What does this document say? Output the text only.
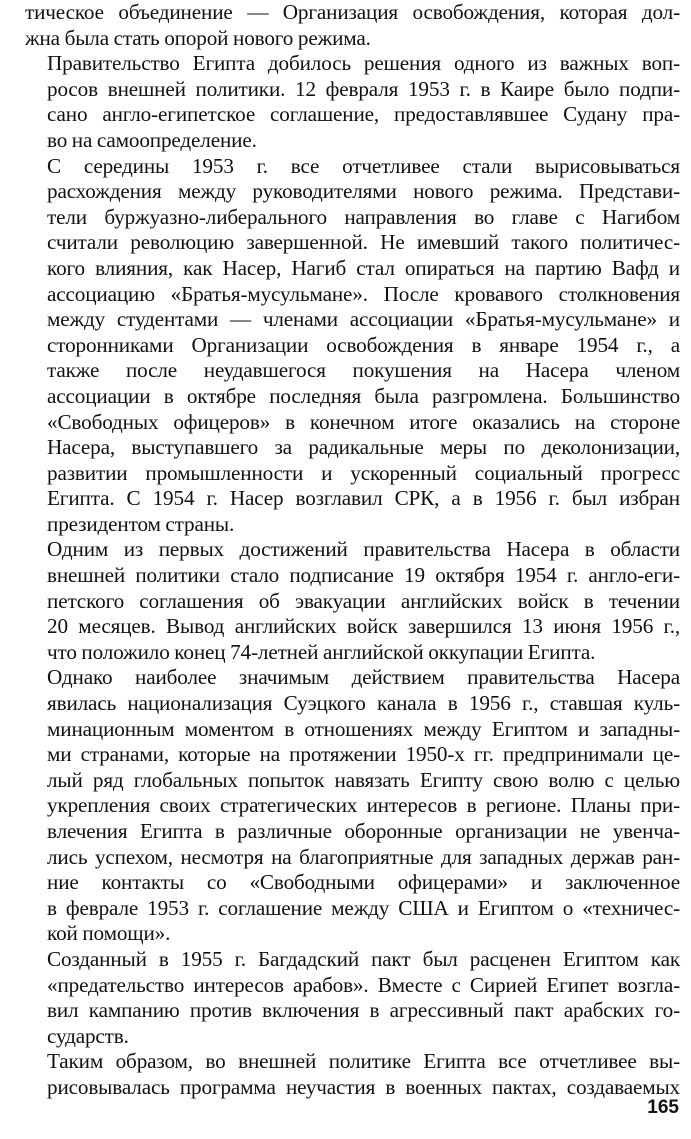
тическое объединение — Организация освобождения, которая дол-
жна была стать опорой нового режима.

Правительство Египта добилось решения одного из важных воп-
росов внешней политики. 12 февраля 1953 г. в Каире было подпи-
сано англо-египетское соглашение, предоставлявшее Судану пра-
во на самоопределение.

С середины 1953 г. все отчетливее стали вырисовываться
расхождения между руководителями нового режима. Представи-
тели буржуазно-либерального направления во главе с Нагибом
считали революцию завершенной. Не имевший такого политичес-
кого влияния, как Насер, Нагиб стал опираться на партию Вафд и
ассоциацию «Братья-мусульмане». После кровавого столкновения
между студентами — членами ассоциации «Братья-мусульмане» и
сторонниками Организации освобождения в январе 1954 г., а
также после неудавшегося покушения на Насера членом
ассоциации в октябре последняя была разгромлена. Большинство
«Свободных офицеров» в конечном итоге оказались на стороне
Насера, выступавшего за радикальные меры по деколонизации,
развитии промышленности и ускоренный социальный прогресс
Египта. С 1954 г. Насер возглавил СРК, а в 1956 г. был избран
президентом страны.

Одним из первых достижений правительства Насера в области
внешней политики стало подписание 19 октября 1954 г. англо-еги-
петского соглашения об эвакуации английских войск в течении
20 месяцев. Вывод английских войск завершился 13 июня 1956 г.,
что положило конец 74-летней английской оккупации Египта.

Однако наиболее значимым действием правительства Насера
явилась национализация Суэцкого канала в 1956 г., ставшая куль-
минационным моментом в отношениях между Египтом и западны-
ми странами, которые на протяжении 1950-х гг. предпринимали це-
лый ряд глобальных попыток навязать Египту свою волю с целью
укрепления своих стратегических интересов в регионе. Планы при-
влечения Египта в различные оборонные организации не увенча-
лись успехом, несмотря на благоприятные для западных держав ран-
ние контакты со «Свободными офицерами» и заключенное
в феврале 1953 г. соглашение между США и Египтом о «техничес-
кой помощи».

Созданный в 1955 г. Багдадский пакт был расценен Египтом как
«предательство интересов арабов». Вместе с Сирией Египет возгла-
вил кампанию против включения в агрессивный пакт арабских го-
сударств.

Таким образом, во внешней политике Египта все отчетливее вы-
рисовывалась программа неучастия в военных пактах, создаваемых

165
